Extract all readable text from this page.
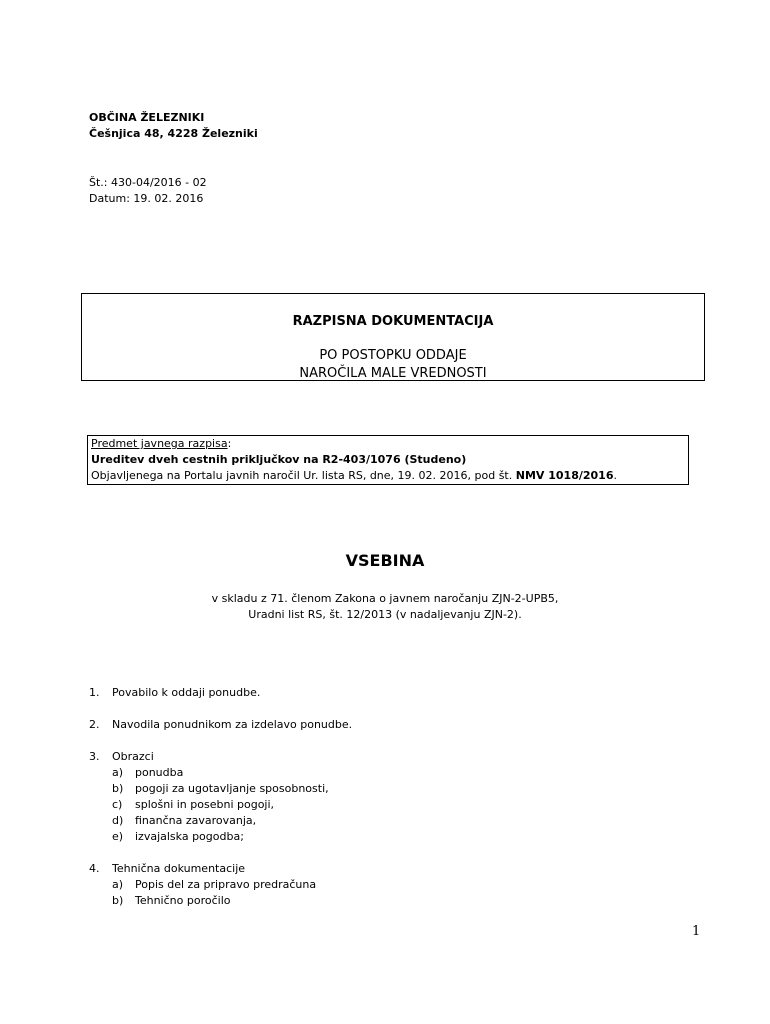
OBČINA ŽELEZNIKI
Češnjica 48, 4228 Železniki
Št.: 430-04/2016 - 02
Datum: 19. 02. 2016
RAZPISNA DOKUMENTACIJA
PO POSTOPKU ODDAJE
NAROČILA MALE VREDNOSTI
Predmet javnega razpisa:
Ureditev dveh cestnih priključkov na R2-403/1076 (Studeno)
Objavljenega na Portalu javnih naročil Ur. lista RS, dne, 19. 02. 2016, pod št. NMV 1018/2016.
VSEBINA
v skladu z 71. členom Zakona o javnem naročanju ZJN-2-UPB5,
Uradni list RS, št. 12/2013 (v nadaljevanju ZJN-2).
1. Povabilo k oddaji ponudbe.
2. Navodila ponudnikom za izdelavo ponudbe.
3. Obrazci
a) ponudba
b) pogoji za ugotavljanje sposobnosti,
c) splošni in posebni pogoji,
d) finančna zavarovanja,
e) izvajalska pogodba;
4. Tehnična dokumentacije
a) Popis del za pripravo predračuna
b) Tehnično poročilo
1
